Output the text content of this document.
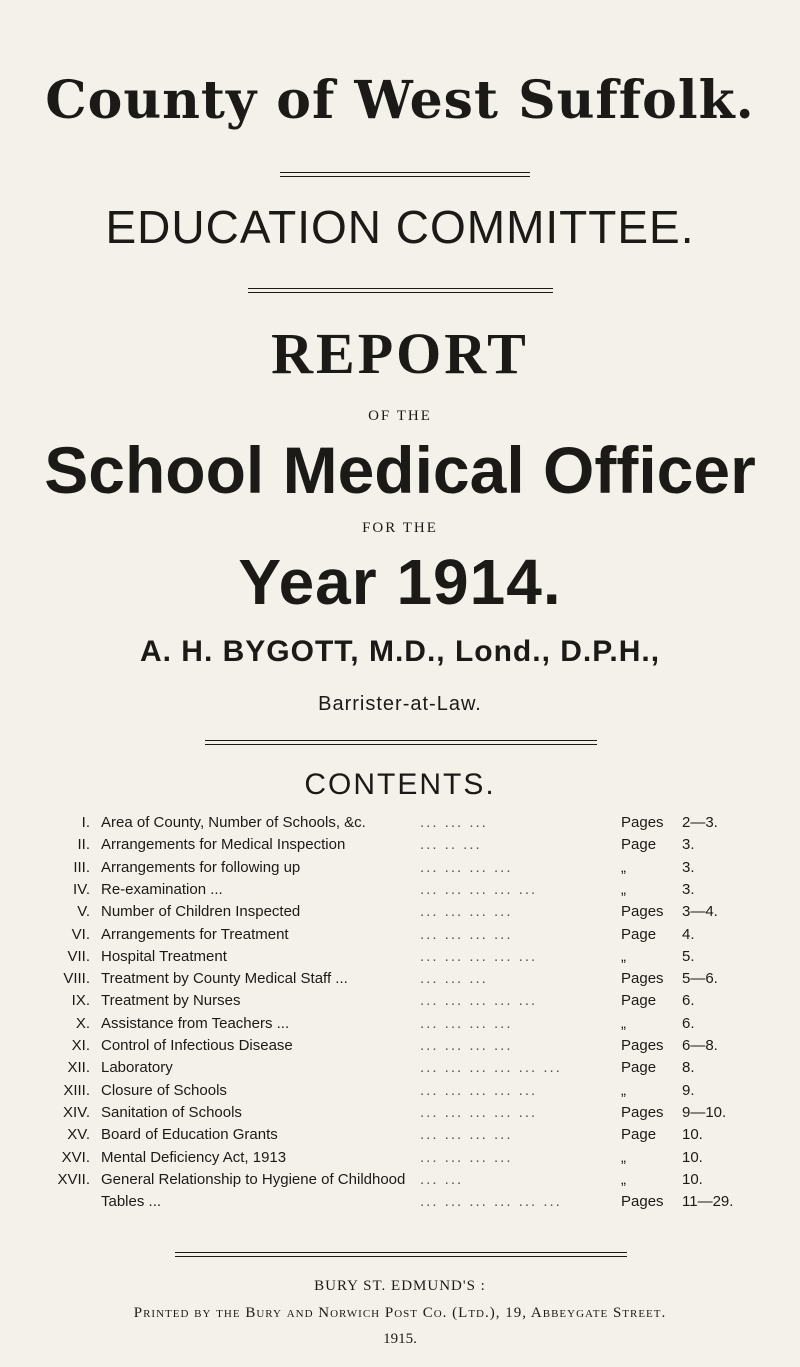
County of West Suffolk.
EDUCATION COMMITTEE.
REPORT
OF THE
School Medical Officer
FOR THE
Year 1914.
A. H. BYGOTT, M.D., Lond., D.P.H.,
Barrister-at-Law.
CONTENTS.
I. Area of County, Number of Schools, &c.	... ... ...	Pages 2—3.
II. Arrangements for Medical Inspection	... .. ...	Page 3.
III. Arrangements for following up	... ... ... ...	„	3.
IV. Re-examination ...	... ... ... ... ...	„	3.
V. Number of Children Inspected	... ... ... ...	Pages 3—4.
VI. Arrangements for Treatment	... ... ... ...	Page 4.
VII. Hospital Treatment	... ... ... ... ...	„	5.
VIII. Treatment by County Medical Staff ...	... ... ...	Pages 5—6.
IX. Treatment by Nurses	... ... ... ... ...	Page 6.
X. Assistance from Teachers ...	... ... ... ...	„	6.
XI. Control of Infectious Disease	... ... ... ...	Pages 6—8.
XII. Laboratory	... ... ... ... ... ...	Page 8.
XIII. Closure of Schools	... ... ... ... ...	„	9.
XIV. Sanitation of Schools	... ... ... ... ...	Pages 9—10.
XV. Board of Education Grants	... ... ... ...	Page 10.
XVI. Mental Deficiency Act, 1913	... ... ... ...	„	10.
XVII. General Relationship to Hygiene of Childhood ... ...	„	10.
Tables ...	... ... ... ... ... ...	Pages 11—29.
BURY ST. EDMUND'S :
Printed by the Bury and Norwich Post Co. (Ltd.), 19, Abbeygate Street.
1915.
